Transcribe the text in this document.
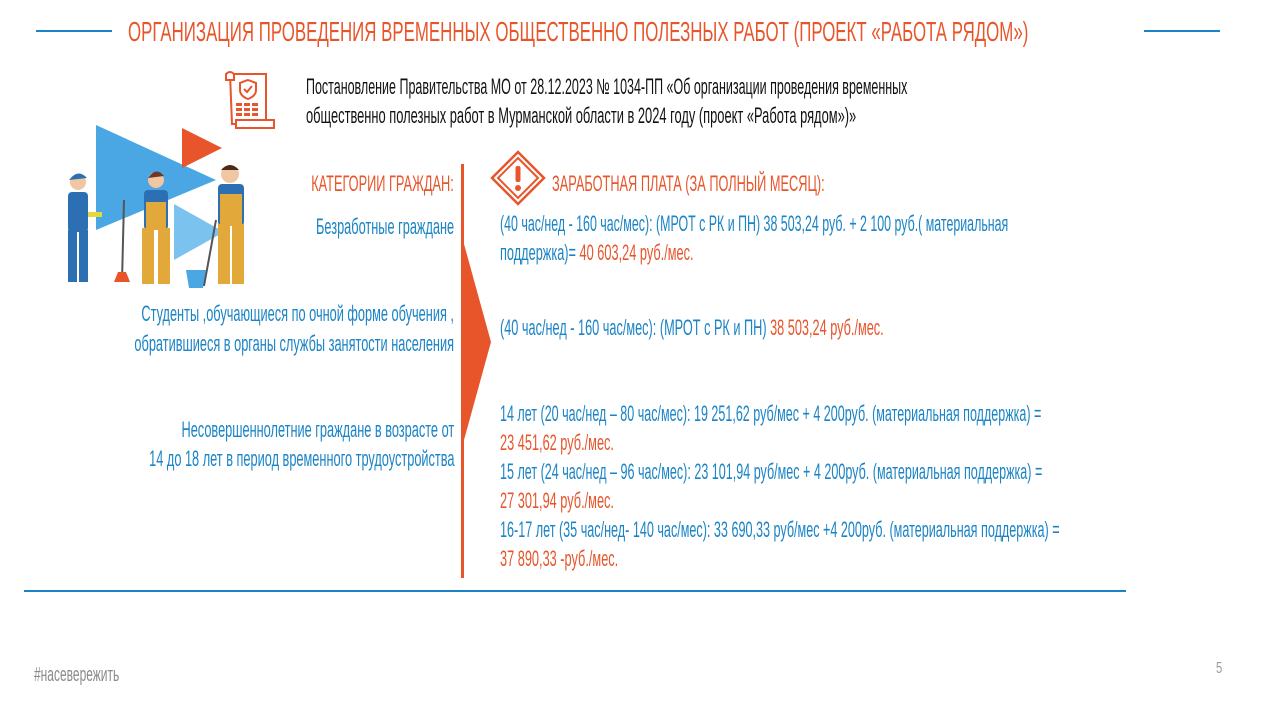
ОРГАНИЗАЦИЯ ПРОВЕДЕНИЯ ВРЕМЕННЫХ ОБЩЕСТВЕННО ПОЛЕЗНЫХ РАБОТ (ПРОЕКТ «РАБОТА РЯДОМ»)
Постановление Правительства МО от 28.12.2023 № 1034-ПП «Об организации проведения временных
общественно полезных работ в Мурманской области в 2024 году (проект «Работа рядом»)»
КАТЕГОРИИ ГРАЖДАН:
Безработные граждане
Студенты ,обучающиеся по очной форме обучения ,
обратившиеся в органы службы занятости населения
Несовершеннолетние граждане в возрасте от
14 до 18 лет в период временного трудоустройства
ЗАРАБОТНАЯ ПЛАТА (ЗА ПОЛНЫЙ МЕСЯЦ):
(40 час/нед - 160 час/мес): (МРОТ с РК и ПН) 38 503,24 руб. + 2 100 руб.( материальная
поддержка)= 40 603,24 руб./мес.
(40 час/нед - 160 час/мес): (МРОТ с РК и ПН) 38 503,24 руб./мес.
14 лет (20 час/нед – 80 час/мес): 19 251,62 руб/мес + 4 200руб. (материальная поддержка) =
23 451,62 руб./мес.
15 лет (24 час/нед – 96 час/мес): 23 101,94 руб/мес + 4 200руб. (материальная поддержка) =
27 301,94 руб./мес.
16-17 лет (35 час/нед- 140 час/мес): 33 690,33 руб/мес +4 200руб. (материальная поддержка) =
37 890,33 -руб./мес.
#насевережить	5
